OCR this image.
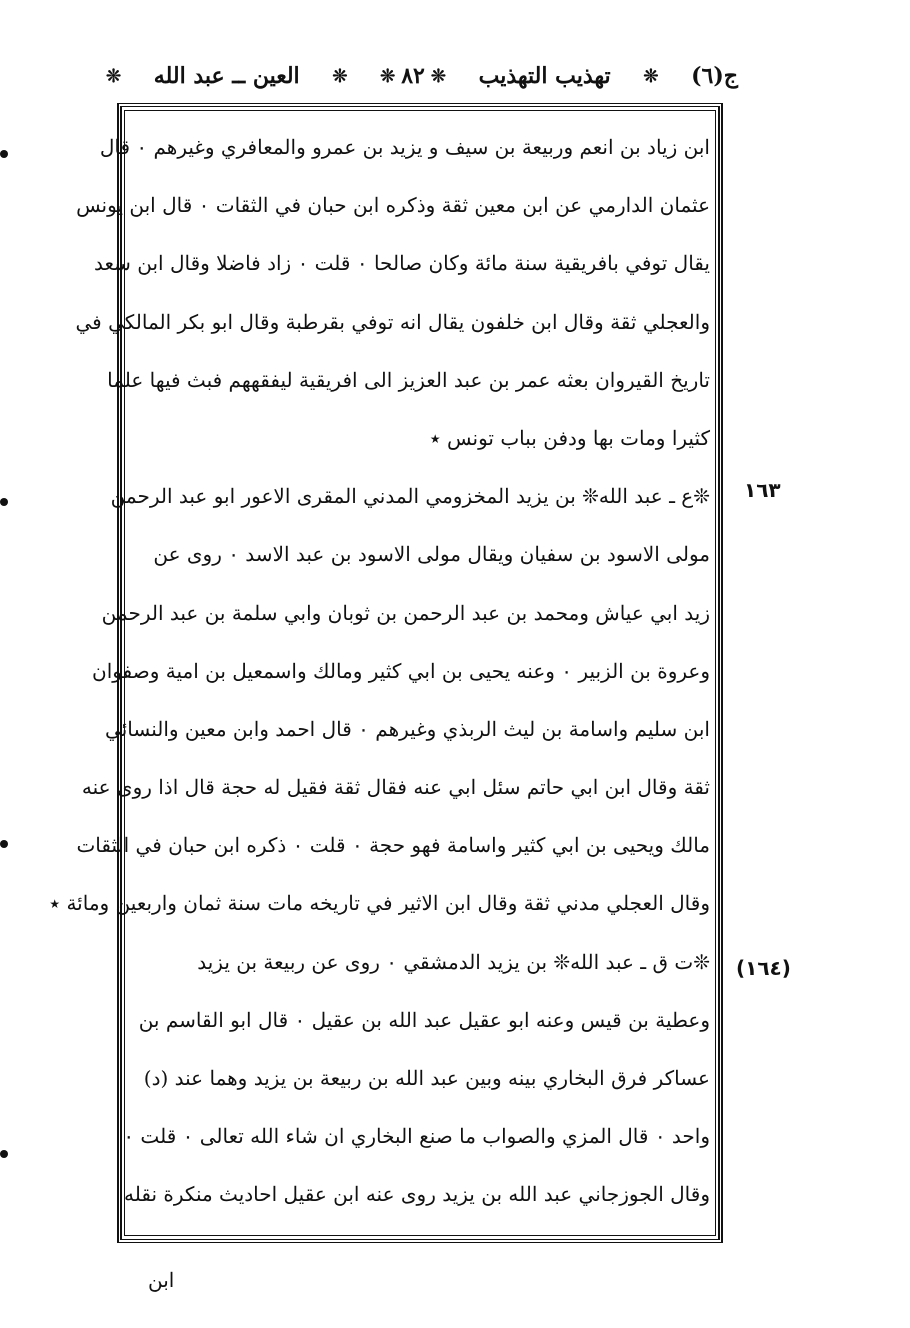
ج(٦)
❊
تهذيب التهذيب
❊
٨٢
❊
❊
العين ــ عبد الله
❊
ابن زياد بن انعم وربيعة بن سيف و يزيد بن عمرو والمعافري وغيرهم ٠ قال
عثمان الدارمي عن ابن معين ثقة وذكره ابن حبان في الثقات ٠ قال ابن يونس
يقال توفي بافريقية سنة مائة وكان صالحا ٠ قلت ٠ زاد فاضلا وقال ابن سعد
والعجلي ثقة وقال ابن خلفون يقال انه توفي بقرطبة وقال ابو بكر المالكي في
تاريخ القيروان بعثه عمر بن عبد العزيز الى افريقية ليفقههم فبث فيها علما
كثيرا ومات بها ودفن بباب تونس ٭
❊ع ـ عبد الله❊ بن يزيد المخزومي المدني المقرى الاعور ابو عبد الرحمن
مولى الاسود بن سفيان ويقال مولى الاسود بن عبد الاسد ٠ روى عن
زيد ابي عياش ومحمد بن عبد الرحمن بن ثوبان وابي سلمة بن عبد الرحمن
وعروة بن الزبير ٠ وعنه يحيى بن ابي كثير ومالك واسمعيل بن امية وصفوان
ابن سليم واسامة بن ليث الربذي وغيرهم ٠ قال احمد وابن معين والنسائي
ثقة وقال ابن ابي حاتم سئل ابي عنه فقال ثقة فقيل له حجة قال اذا روى عنه
مالك ويحيى بن ابي كثير واسامة فهو حجة ٠ قلت ٠ ذكره ابن حبان في الثقات
وقال العجلي مدني ثقة وقال ابن الاثير في تاريخه مات سنة ثمان واربعين ومائة ٭
❊ت ق ـ عبد الله❊ بن يزيد الدمشقي ٠ روى عن ربيعة بن يزيد
وعطية بن قيس وعنه ابو عقيل عبد الله بن عقيل ٠ قال ابو القاسم بن
عساكر فرق البخاري بينه وبين عبد الله بن ربيعة بن يزيد وهما عند (د)
واحد ٠ قال المزي والصواب ما صنع البخاري ان شاء الله تعالى ٠ قلت ٠
وقال الجوزجاني عبد الله بن يزيد روى عنه ابن عقيل احاديث منكرة نقله
١٦٣
(١٦٤)
ابن
